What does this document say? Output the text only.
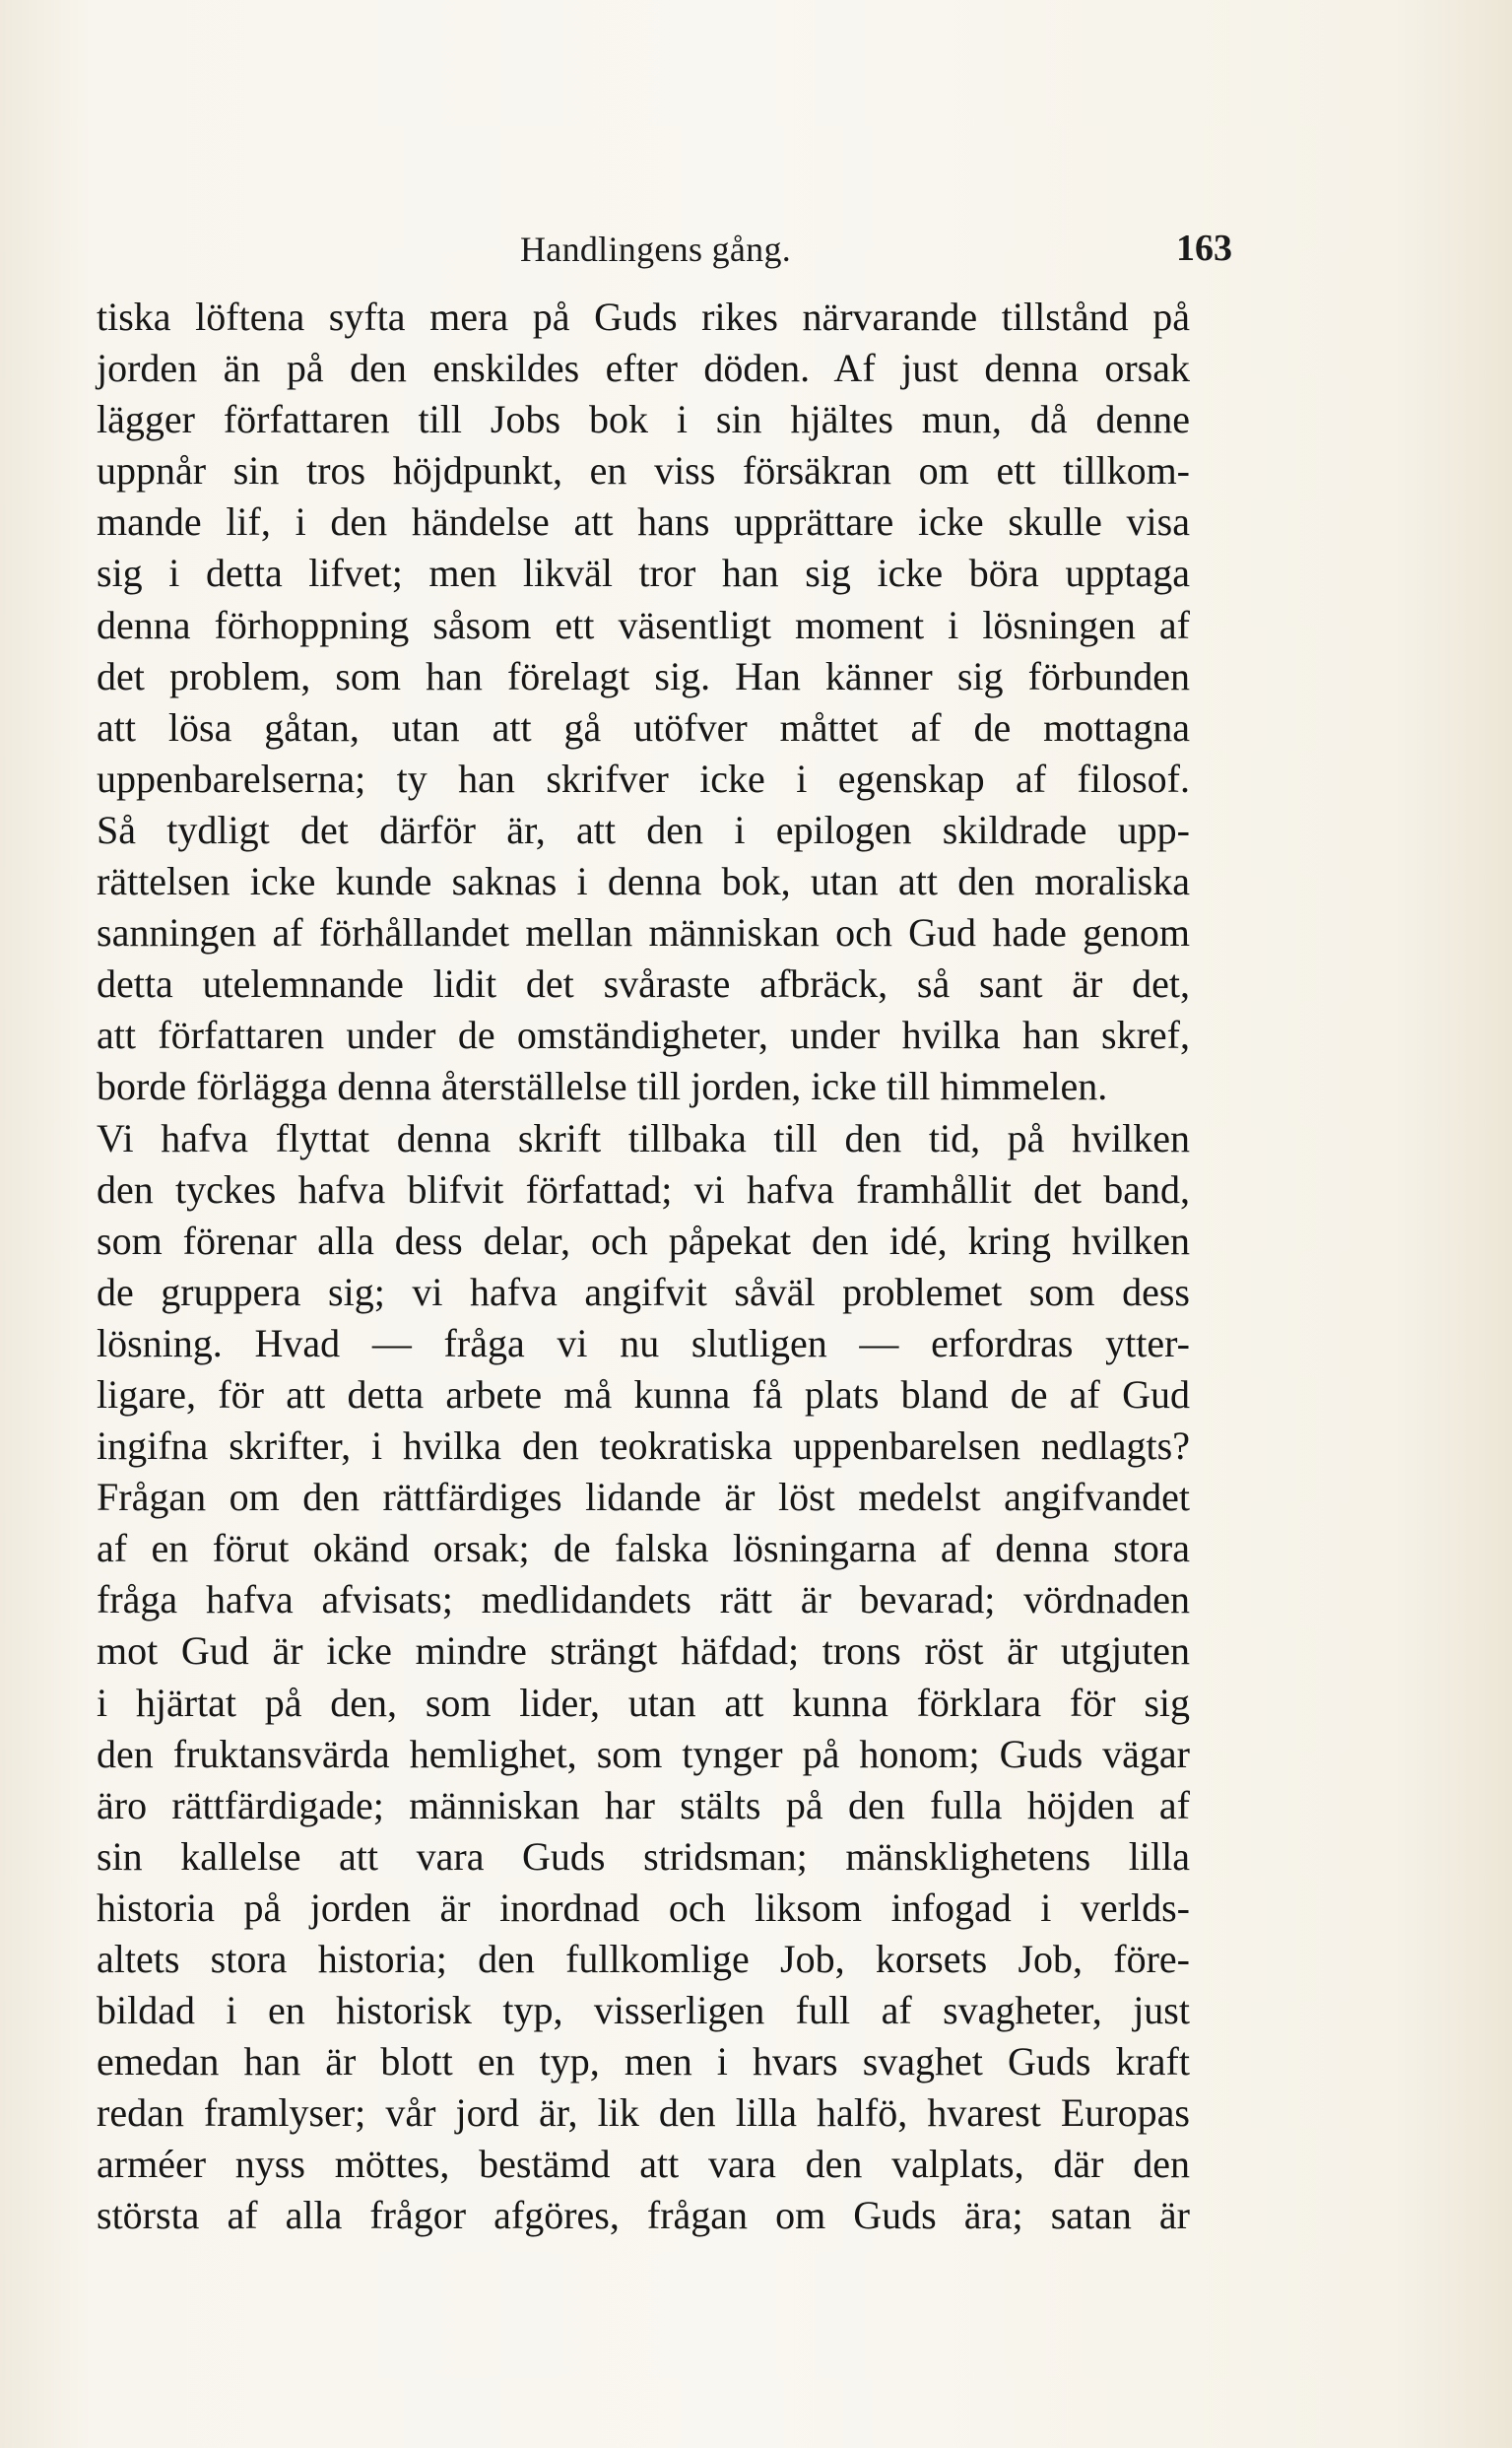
Handlingens gång.	163
tiska löftena syfta mera på Guds rikes närvarande tillstånd på
jorden än på den enskildes efter döden. Af just denna orsak
lägger författaren till Jobs bok i sin hjältes mun, då denne
uppnår sin tros höjdpunkt, en viss försäkran om ett tillkom-
mande lif, i den händelse att hans upprättare icke skulle visa
sig i detta lifvet; men likväl tror han sig icke böra upptaga
denna förhoppning såsom ett väsentligt moment i lösningen af
det problem, som han förelagt sig. Han känner sig förbunden
att lösa gåtan, utan att gå utöfver måttet af de mottagna
uppenbarelserna; ty han skrifver icke i egenskap af filosof.
Så tydligt det därför är, att den i epilogen skildrade upp-
rättelsen icke kunde saknas i denna bok, utan att den moraliska
sanningen af förhållandet mellan människan och Gud hade genom
detta utelemnande lidit det svåraste afbräck, så sant är det,
att författaren under de omständigheter, under hvilka han skref,
borde förlägga denna återställelse till jorden, icke till himmelen.
Vi hafva flyttat denna skrift tillbaka till den tid, på hvilken
den tyckes hafva blifvit författad; vi hafva framhållit det band,
som förenar alla dess delar, och påpekat den idé, kring hvilken
de gruppera sig; vi hafva angifvit såväl problemet som dess
lösning. Hvad — fråga vi nu slutligen — erfordras ytter-
ligare, för att detta arbete må kunna få plats bland de af Gud
ingifna skrifter, i hvilka den teokratiska uppenbarelsen nedlagts?
Frågan om den rättfärdiges lidande är löst medelst angifvandet
af en förut okänd orsak; de falska lösningarna af denna stora
fråga hafva afvisats; medlidandets rätt är bevarad; vördnaden
mot Gud är icke mindre strängt häfdad; trons röst är utgjuten
i hjärtat på den, som lider, utan att kunna förklara för sig
den fruktansvärda hemlighet, som tynger på honom; Guds vägar
äro rättfärdigade; människan har stälts på den fulla höjden af
sin kallelse att vara Guds stridsman; mänsklighetens lilla
historia på jorden är inordnad och liksom infogad i verlds-
altets stora historia; den fullkomlige Job, korsets Job, före-
bildad i en historisk typ, visserligen full af svagheter, just
emedan han är blott en typ, men i hvars svaghet Guds kraft
redan framlyser; vår jord är, lik den lilla halfö, hvarest Europas
arméer nyss möttes, bestämd att vara den valplats, där den
största af alla frågor afgöres, frågan om Guds ära; satan är
